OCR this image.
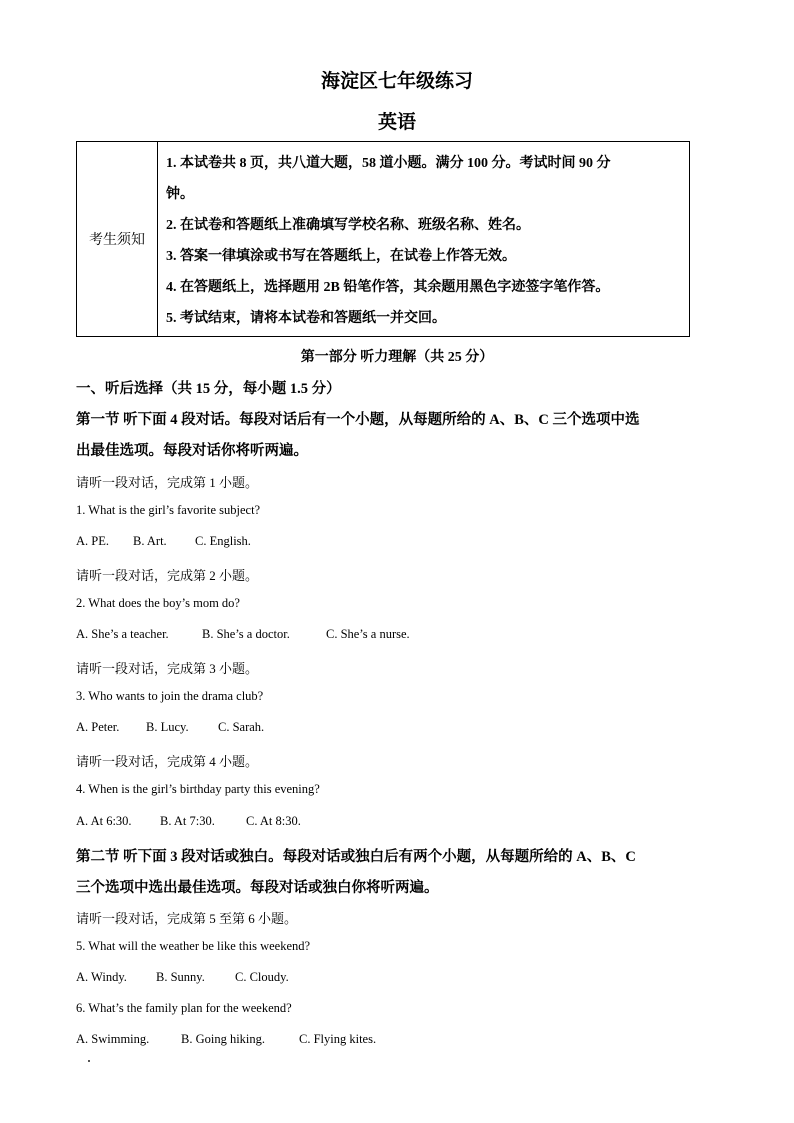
海淀区七年级练习
英语
考生须知
1. 本试卷共 8 页，共八道大题，58 道小题。满分 100 分。考试时间 90 分
钟。
2. 在试卷和答题纸上准确填写学校名称、班级名称、姓名。
3. 答案一律填涂或书写在答题纸上，在试卷上作答无效。
4. 在答题纸上，选择题用 2B 铅笔作答，其余题用黑色字迹签字笔作答。
5. 考试结束，请将本试卷和答题纸一并交回。
第一部分 听力理解（共 25 分）
一、听后选择（共 15 分，每小题 1.5 分）
第一节 听下面 4 段对话。每段对话后有一个小题，从每题所给的 A、B、C 三个选项中选
出最佳选项。每段对话你将听两遍。
请听一段对话，完成第 1 小题。
1. What is the girl’s favorite subject?
A. PE. B. Art. C. English.
请听一段对话，完成第 2 小题。
2. What does the boy’s mom do?
A. She’s a teacher.	B. She’s a doctor.	C. She’s a nurse.
请听一段对话，完成第 3 小题。
3. Who wants to join the drama club?
A. Peter. B. Lucy. C. Sarah.
请听一段对话，完成第 4 小题。
4. When is the girl’s birthday party this evening?
A. At 6:30. B. At 7:30. C. At 8:30.
第二节 听下面 3 段对话或独白。每段对话或独白后有两个小题，从每题所给的 A、B、C
三个选项中选出最佳选项。每段对话或独白你将听两遍。
请听一段对话，完成第 5 至第 6 小题。
5. What will the weather be like this weekend?
A. Windy. B. Sunny. C. Cloudy.
6. What’s the family plan for the weekend?
A. Swimming.	B. Going hiking.	C. Flying kites.
